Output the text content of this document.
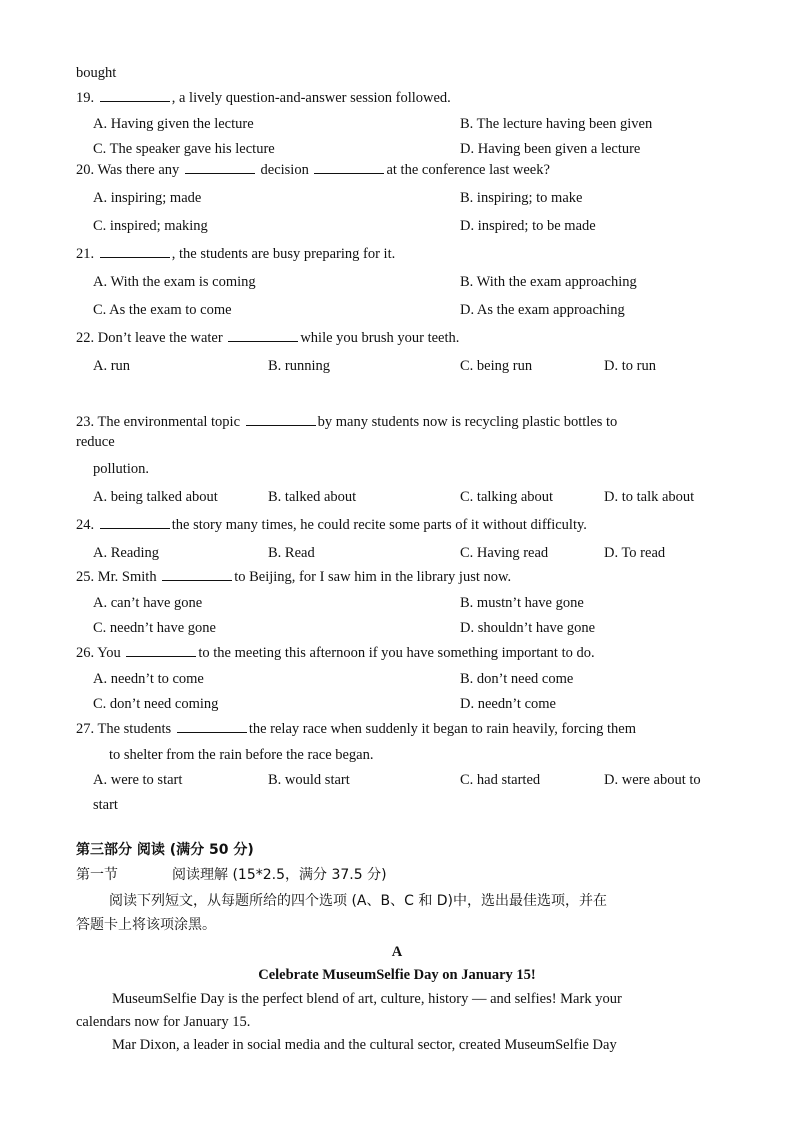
bought
19.	, a lively question-and-answer session followed.
A. Having given the lecture	B. The lecture having been given
C. The speaker gave his lecture	D. Having been given a lecture
20. Was there any	decision	at the conference last week?
A. inspiring; made	B. inspiring; to make
C. inspired; making	D. inspired; to be made
21.	, the students are busy preparing for it.
A. With the exam is coming	B. With the exam approaching
C. As the exam to come	D. As the exam approaching
22. Don’t leave the water	while you brush your teeth.
A. run	B. running	C. being run	D. to run
23. The environmental topic	by many students now is recycling plastic bottles to
reduce
pollution.
A. being talked about	B. talked about	C. talking about	D. to talk about
24.	the story many times, he could recite some parts of it without difficulty.
A. Reading	B. Read	C. Having read	D. To read
25. Mr. Smith	to Beijing, for I saw him in the library just now.
A. can’t have gone	B. mustn’t have gone
C. needn’t have gone	D. shouldn’t have gone
26. You	to the meeting this afternoon if you have something important to do.
A. needn’t to come	B. don’t need come
C. don’t need coming	D. needn’t come
27. The students	the relay race when suddenly it began to rain heavily, forcing them
to shelter from the rain before the race began.
A. were to start	B. would start	C. had started	D. were about to
start
第三部分 阅读 (满分 50 分)
第一节	阅读理解 (15*2.5，满分 37.5 分)
阅读下列短文，从每题所给的四个选项 (A、B、C 和 D)中，选出最佳选项，并在
答题卡上将该项涂黑。
A
Celebrate MuseumSelfie Day on January 15!
MuseumSelfie Day is the perfect blend of art, culture, history — and selfies! Mark your
calendars now for January 15.
Mar Dixon, a leader in social media and the cultural sector, created MuseumSelfie Day
